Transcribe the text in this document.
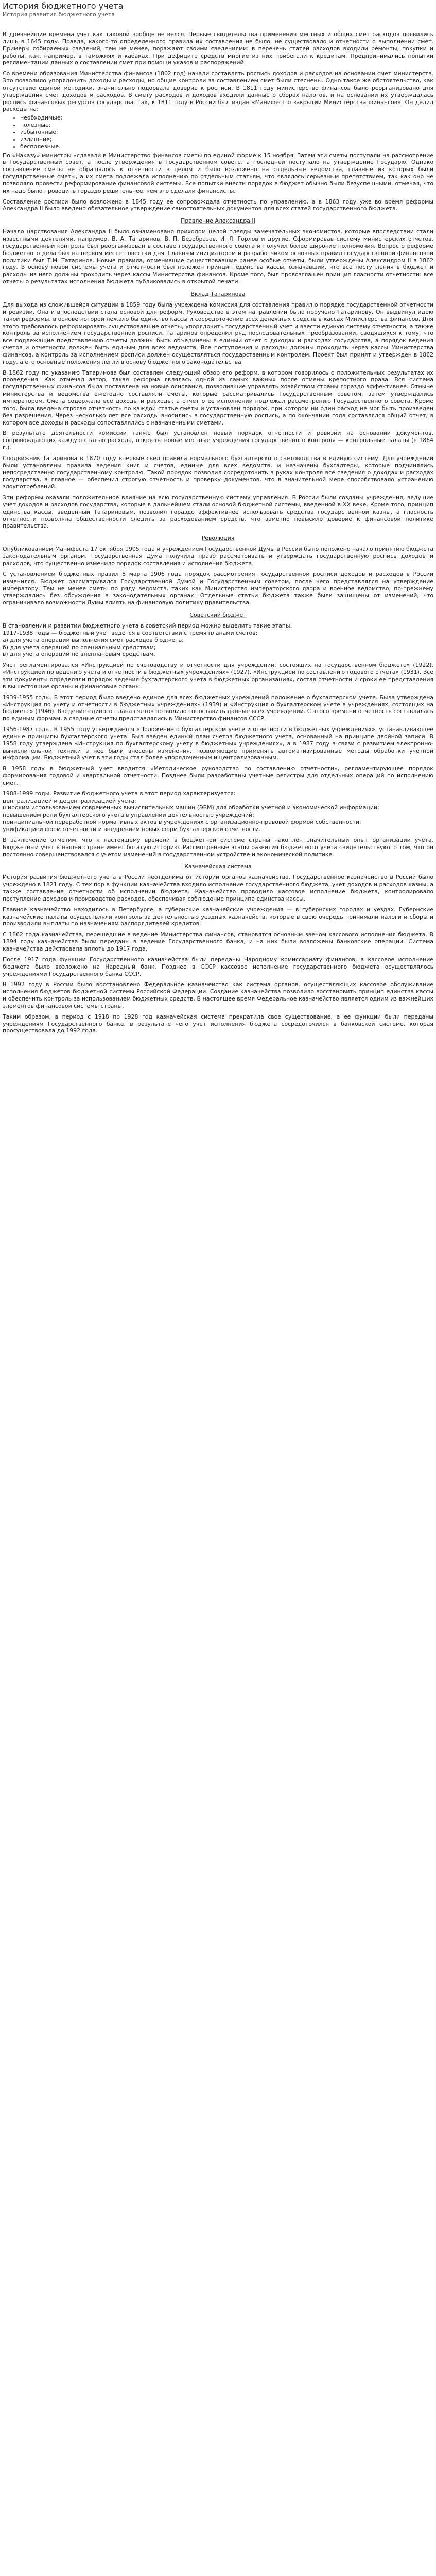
История бюджетного учета
История развития бюджетного учета

В древнейшие времена учет как таковой вообще не велся. Первые свидетельства применения местных и общих смет расходов появились лишь в 1645 году. Правда, какого-то определенного правила их составления не было, не существовало и отчетности о выполнении смет. Примеры собираемых сведений, тем не менее, поражают своими сведениями: в перечень статей расходов входили ремонты, покупки и работы, как, например, в таможнях и кабаках. При дефиците средств многие из них прибегали к кредитам. Предпринимались попытки регламентации данных о составлении смет при помощи указов и распоряжений.

Со времени образования Министерства финансов (1802 год) начали составлять роспись доходов и расходов на основании смет министерств. Это позволило упорядочить доходы и расходы, но общие контроли за составлением смет были стеснены. Одно такое же обстоятельство, как отсутствие единой методики, значительно подорвала доверие к росписи. В 1811 году министерство финансов было реорганизовано для утверждения смет доходов и расходов. В смету расходов и доходов входили данные о сборах налогов, и на основании их утверждалась роспись финансовых ресурсов государства. Так, к 1811 году в России был издан «Манифест о закрытии Министерства финансов». Он делил расходы на:

• необходимые;
• полезные;
• избыточные;
• излишние;
• бесполезные.

По «Наказу» министры «сдавали в Министерство финансов сметы по единой форме к 15 ноября. Затем эти сметы поступали на рассмотрение в Государственный совет, а после утверждения в Государственном совете, а последней поступало на утверждение Государю. Однако составление сметы не обращалось к отчетности в целом и было возложено на отдельные ведомства, главные из которых были государственные сметы, а их смета подлежала исполнению по отдельным статьям, что являлось серьезным препятствием, так как оно не позволяло провести реформирование финансовой системы. Все попытки внести порядок в бюджет обычно были безуспешными, отмечая, что их надо было проводить гораздо решительнее, чем это сделали финансисты.

Составление росписи было возложено в 1845 году ее сопровождала отчетность по управлению, а в 1863 году уже во время реформы Александра II было введено обязательное утверждение самостоятельных документов для всех статей государственного бюджета.

Правление Александра II

Начало царствования Александра II было ознаменовано приходом целой плеяды замечательных экономистов, которые впоследствии стали известными деятелями, например, В. А. Татаринов, В. П. Безобразов, И. Я. Горлов и другие. Сформировав систему министерских отчетов, государственный контроль был реорганизован в составе государственного совета и получил более широкие полномочия. Вопрос о реформе бюджетного дела был на первом месте повестки дня. Главным инициатором и разработчиком основных правил государственной финансовой политики был Т.М. Татаринов. Новые правила, отменившие существовавшие ранее особые отчеты, были утверждены Александром II в 1862 году. В основу новой системы учета и отчетности был положен принцип единства кассы, означавший, что все поступления в бюджет и расходы из него должны проходить через кассы Министерства финансов. Кроме того, был провозглашен принцип гласности отчетности: все отчеты о результатах исполнения бюджета публиковались в открытой печати.

Вклад Татаринова

Для выхода из сложившейся ситуации в 1859 году была учреждена комиссия для составления правил о порядке государственной отчетности и ревизии. Она и впоследствии стала основой для реформ. Руководство в этом направлении было поручено Татаринову. Он выдвинул идею такой реформы, в основе которой лежало бы единство кассы и сосредоточение всех денежных средств в кассах Министерства финансов. Для этого требовалось реформировать существовавшие отчеты, упорядочить государственный учет и ввести единую систему отчетности, а также контроль за исполнением государственной росписи. Татаринов определил ряд последовательных преобразований, сводящихся к тому, что все подлежащие представлению отчеты должны быть объединены в единый отчет о доходах и расходах государства, а порядок ведения счетов и отчетности должен быть единым для всех ведомств. Все поступления и расходы должны проходить через кассы Министерства финансов, а контроль за исполнением росписи должен осуществляться государственным контролем. Проект был принят и утвержден в 1862 году, а его основные положения легли в основу бюджетного законодательства.

В 1862 году по указанию Татаринова был составлен следующий обзор его реформ, в котором говорилось о положительных результатах их проведения. Как отмечал автор, такая реформа являлась одной из самых важных после отмены крепостного права. Вся система государственных финансов была поставлена на новые основания, позволившие управлять хозяйством страны гораздо эффективнее. Отныне министерства и ведомства ежегодно составляли сметы, которые рассматривались Государственным советом, затем утверждались императором. Смета содержала все доходы и расходы, а отчет о ее исполнении подлежал рассмотрению Государственного совета. Кроме того, была введена строгая отчетность по каждой статье сметы и установлен порядок, при котором ни один расход не мог быть произведен без разрешения. Через несколько лет все расходы вносились в государственную роспись, а по окончании года составлялся общий отчет, в котором все доходы и расходы сопоставлялись с назначенными сметами.

В результате деятельности комиссии также был установлен новый порядок отчетности и ревизии на основании документов, сопровождающих каждую статью расхода, открыты новые местные учреждения государственного контроля — контрольные палаты (в 1864 г.).

Сподвижник Татаринова в 1870 году впервые свел правила нормального бухгалтерского счетоводства в единую систему. Для учреждений были установлены правила ведения книг и счетов, единые для всех ведомств, и назначены бухгалтеры, которые подчинялись непосредственно государственному контролю. Такой порядок позволил сосредоточить в руках контроля все сведения о доходах и расходах государства, а главное — обеспечил строгую отчетность и проверку документов, что в значительной мере способствовало устранению злоупотреблений.

Эти реформы оказали положительное влияние на всю государственную систему управления. В России были созданы учреждения, ведущие учет доходов и расходов государства, которые в дальнейшем стали основой бюджетной системы, введенной в XX веке. Кроме того, принцип единства кассы, введенный Татариновым, позволил гораздо эффективнее использовать средства государственной казны, а гласность отчетности позволяла общественности следить за расходованием средств, что заметно повысило доверие к финансовой политике правительства.

Революция

Опубликованием Манифеста 17 октября 1905 года и учреждением Государственной Думы в России было положено начало принятию бюджета законодательным органом. Государственная Дума получила право рассматривать и утверждать государственную роспись доходов и расходов, что существенно изменило порядок составления и исполнения бюджета.

С установлением бюджетных правил 8 марта 1906 года порядок рассмотрения государственной росписи доходов и расходов в России изменился. Бюджет рассматривался Государственной Думой и Государственным советом, после чего представлялся на утверждение императору. Тем не менее сметы по ряду ведомств, таких как Министерство императорского двора и военное ведомство, по-прежнему утверждались без обсуждения в законодательных органах. Отдельные статьи бюджета также были защищены от изменений, что ограничивало возможности Думы влиять на финансовую политику правительства.

Советский бюджет

В становлении и развитии бюджетного учета в советский период можно выделить такие этапы:

1917-1938 годы — бюджетный учет ведется в соответствии с тремя планами счетов:

а) для учета операций выполнения смет расходов бюджета;

б) для учета операций по специальным средствам;

в) для учета операций по внеплановым средствам.

Учет регламентировался «Инструкцией по счетоводству и отчетности для учреждений, состоящих на государственном бюджете» (1922), «Инструкцией по ведению учета и отчетности в бюджетных учреждениях» (1927), «Инструкцией по составлению годового отчета» (1931). Все эти документы определяли порядок ведения бухгалтерского учета в бюджетных организациях, состав отчетности и сроки ее представления в вышестоящие органы и финансовые органы.

1939-1955 годы. В этот период было введено единое для всех бюджетных учреждений положение о бухгалтерском учете. Была утверждена «Инструкция по учету и отчетности в бюджетных учреждениях» (1939) и «Инструкция о бухгалтерском учете в учреждениях, состоящих на бюджете» (1946). Введение единого плана счетов позволило сопоставить данные всех учреждений. С этого времени отчетность составлялась по единым формам, а сводные отчеты представлялись в Министерство финансов СССР.

1956-1987 годы. В 1955 году утверждается «Положение о бухгалтерском учете и отчетности в бюджетных учреждениях», устанавливающее единые принципы бухгалтерского учета. Был введен единый план счетов бюджетного учета, основанный на принципе двойной записи. В 1958 году утверждена «Инструкция по бухгалтерскому учету в бюджетных учреждениях», а в 1987 году в связи с развитием электронно-вычислительной техники в нее были внесены изменения, позволяющие применять автоматизированные методы обработки учетной информации. Бюджетный учет в эти годы стал более упорядоченным и централизованным.

В 1958 году в бюджетный учет вводится «Методическое руководство по составлению отчетности», регламентирующее порядок формирования годовой и квартальной отчетности. Позднее были разработаны учетные регистры для отдельных операций по исполнению смет.

1988-1999 годы. Развитие бюджетного учета в этот период характеризуется:

централизацией и децентрализацией учета;

широким использованием современных вычислительных машин (ЭВМ) для обработки учетной и экономической информации;

повышением роли бухгалтерского учета в управлении деятельностью учреждений;

принципиальной переработкой нормативных актов в учреждениях с организационно-правовой формой собственности;

унификацией форм отчетности и внедрением новых форм бухгалтерской отчетности.

В заключение отметим, что к настоящему времени в бюджетной системе страны накоплен значительный опыт организации учета. Бюджетный учет в нашей стране имеет богатую историю. Рассмотренные этапы развития бюджетного учета свидетельствуют о том, что он постоянно совершенствовался с учетом изменений в государственном устройстве и экономической политике.

Казначейская система

История развития бюджетного учета в России неотделима от истории органов казначейства. Государственное казначейство в России было учреждено в 1821 году. С тех пор в функции казначейства входило исполнение государственного бюджета, учет доходов и расходов казны, а также составление отчетности об исполнении бюджета. Казначейство проводило кассовое исполнение бюджета, контролировало поступление доходов и производство расходов, обеспечивая соблюдение принципа единства кассы.

Главное казначейство находилось в Петербурге, а губернские казначейские учреждения — в губернских городах и уездах. Губернские казначейские палаты осуществляли контроль за деятельностью уездных казначейств, которые в свою очередь принимали налоги и сборы и производили выплаты по назначениям распорядителей кредитов.

С 1862 года казначейства, перешедшие в ведение Министерства финансов, становятся основным звеном кассового исполнения бюджета. В 1894 году казначейства были переданы в ведение Государственного банка, и на них были возложены банковские операции. Система казначейства действовала вплоть до 1917 года.

После 1917 года функции Государственного казначейства были переданы Народному комиссариату финансов, а кассовое исполнение бюджета было возложено на Народный банк. Позднее в СССР кассовое исполнение государственного бюджета осуществлялось учреждениями Государственного банка СССР.

В 1992 году в России было восстановлено Федеральное казначейство как система органов, осуществляющих кассовое обслуживание исполнения бюджетов бюджетной системы Российской Федерации. Создание казначейства позволило восстановить принцип единства кассы и обеспечить контроль за использованием бюджетных средств. В настоящее время Федеральное казначейство является одним из важнейших элементов финансовой системы страны.

Таким образом, в период с 1918 по 1928 год казначейская система прекратила свое существование, а ее функции были переданы учреждениям Государственного банка, в результате чего учет исполнения бюджета сосредоточился в банковской системе, которая просуществовала до 1992 года.
